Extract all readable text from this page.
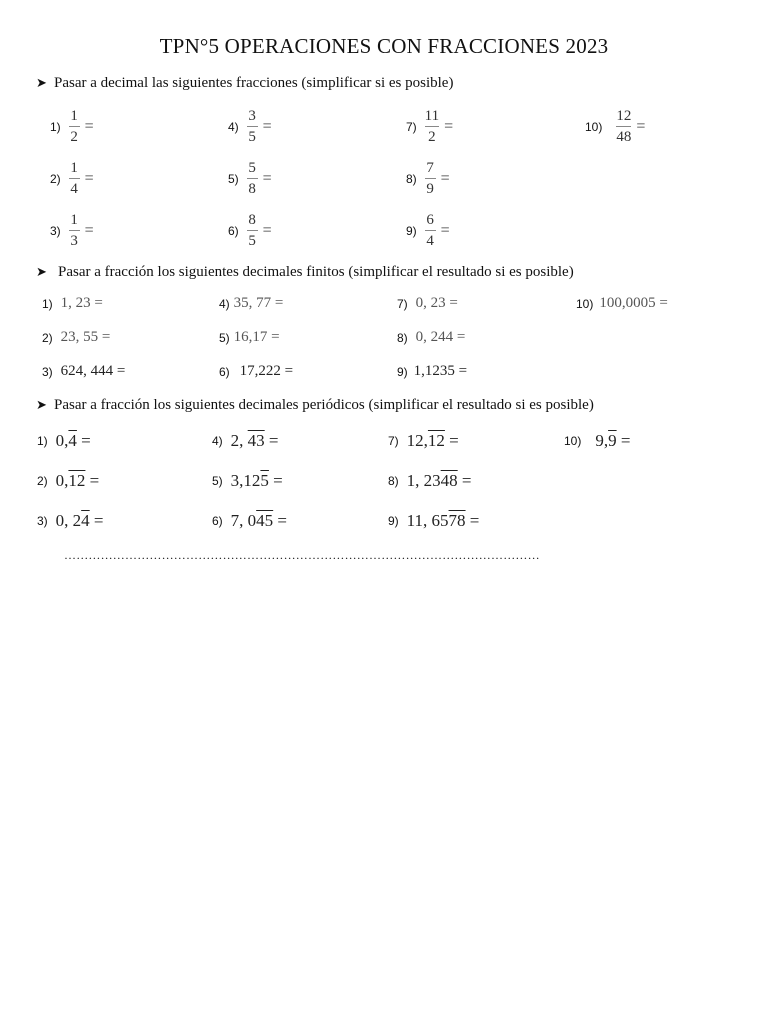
TPN°5 OPERACIONES CON FRACCIONES 2023
➤ Pasar a decimal las siguientes fracciones (simplificar si es posible)
$1) \frac{1}{2}$ =
$2) \frac{1}{4}$ =
$3) \frac{1}{3}$ =
$4) \frac{3}{5}$ =
$5) \frac{5}{8}$ =
$6) \frac{8}{5}$ =
$7) \frac{11}{2}$ =
$8) \frac{7}{9}$ =
$9) \frac{6}{4}$ =
$10) \frac{12}{48}$ =
➤ Pasar a fracción los siguientes decimales finitos (simplificar el resultado si es posible)
1) 1, 23 =
2) 23, 55 =
3) 624, 444 =
4) 35, 77 =
5) 16,17 =
6) 17,222 =
7) 0, 23 =
8) 0, 244 =
9) 1,1235 =
10) 100,0005 =
➤ Pasar a fracción los siguientes decimales periódicos (simplificar el resultado si es posible)
1) 0,4 =
2) 0,12 =
3) 0, 24 =
4) 2, 43 =
5) 3,125 =
6) 7, 045 =
7) 12,12 =
8) 1, 2348 =
9) 11, 6578 =
10) 9,9 =
………………………………………………………………………………………………………
